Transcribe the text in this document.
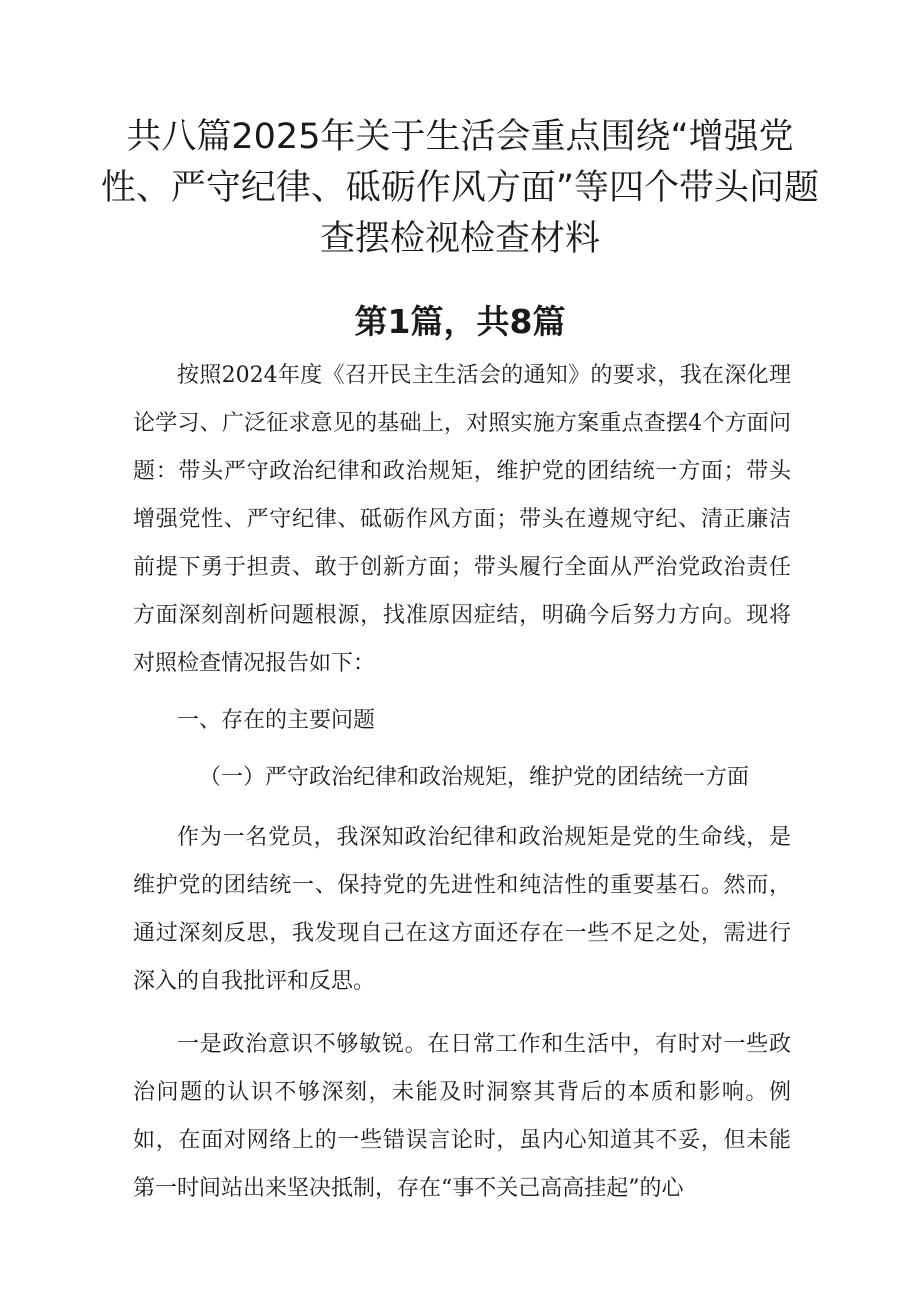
共八篇2025年关于生活会重点围绕“增强党性、严守纪律、砥砺作风方面”等四个带头问题查摆检视检查材料
第1篇，共8篇

按照2024年度《召开民主生活会的通知》的要求，我在深化理论学习、广泛征求意见的基础上，对照实施方案重点查摆4个方面问题：带头严守政治纪律和政治规矩，维护党的团结统一方面；带头增强党性、严守纪律、砥砺作风方面；带头在遵规守纪、清正廉洁前提下勇于担责、敢于创新方面；带头履行全面从严治党政治责任方面深刻剖析问题根源，找准原因症结，明确今后努力方向。现将对照检查情况报告如下：

一、存在的主要问题

（一）严守政治纪律和政治规矩，维护党的团结统一方面

作为一名党员，我深知政治纪律和政治规矩是党的生命线，是维护党的团结统一、保持党的先进性和纯洁性的重要基石。然而，通过深刻反思，我发现自己在这方面还存在一些不足之处，需进行深入的自我批评和反思。

一是政治意识不够敏锐。在日常工作和生活中，有时对一些政治问题的认识不够深刻，未能及时洞察其背后的本质和影响。例如，在面对网络上的一些错误言论时，虽内心知道其不妥，但未能第一时间站出来坚决抵制，存在“事不关己高高挂起”的心
